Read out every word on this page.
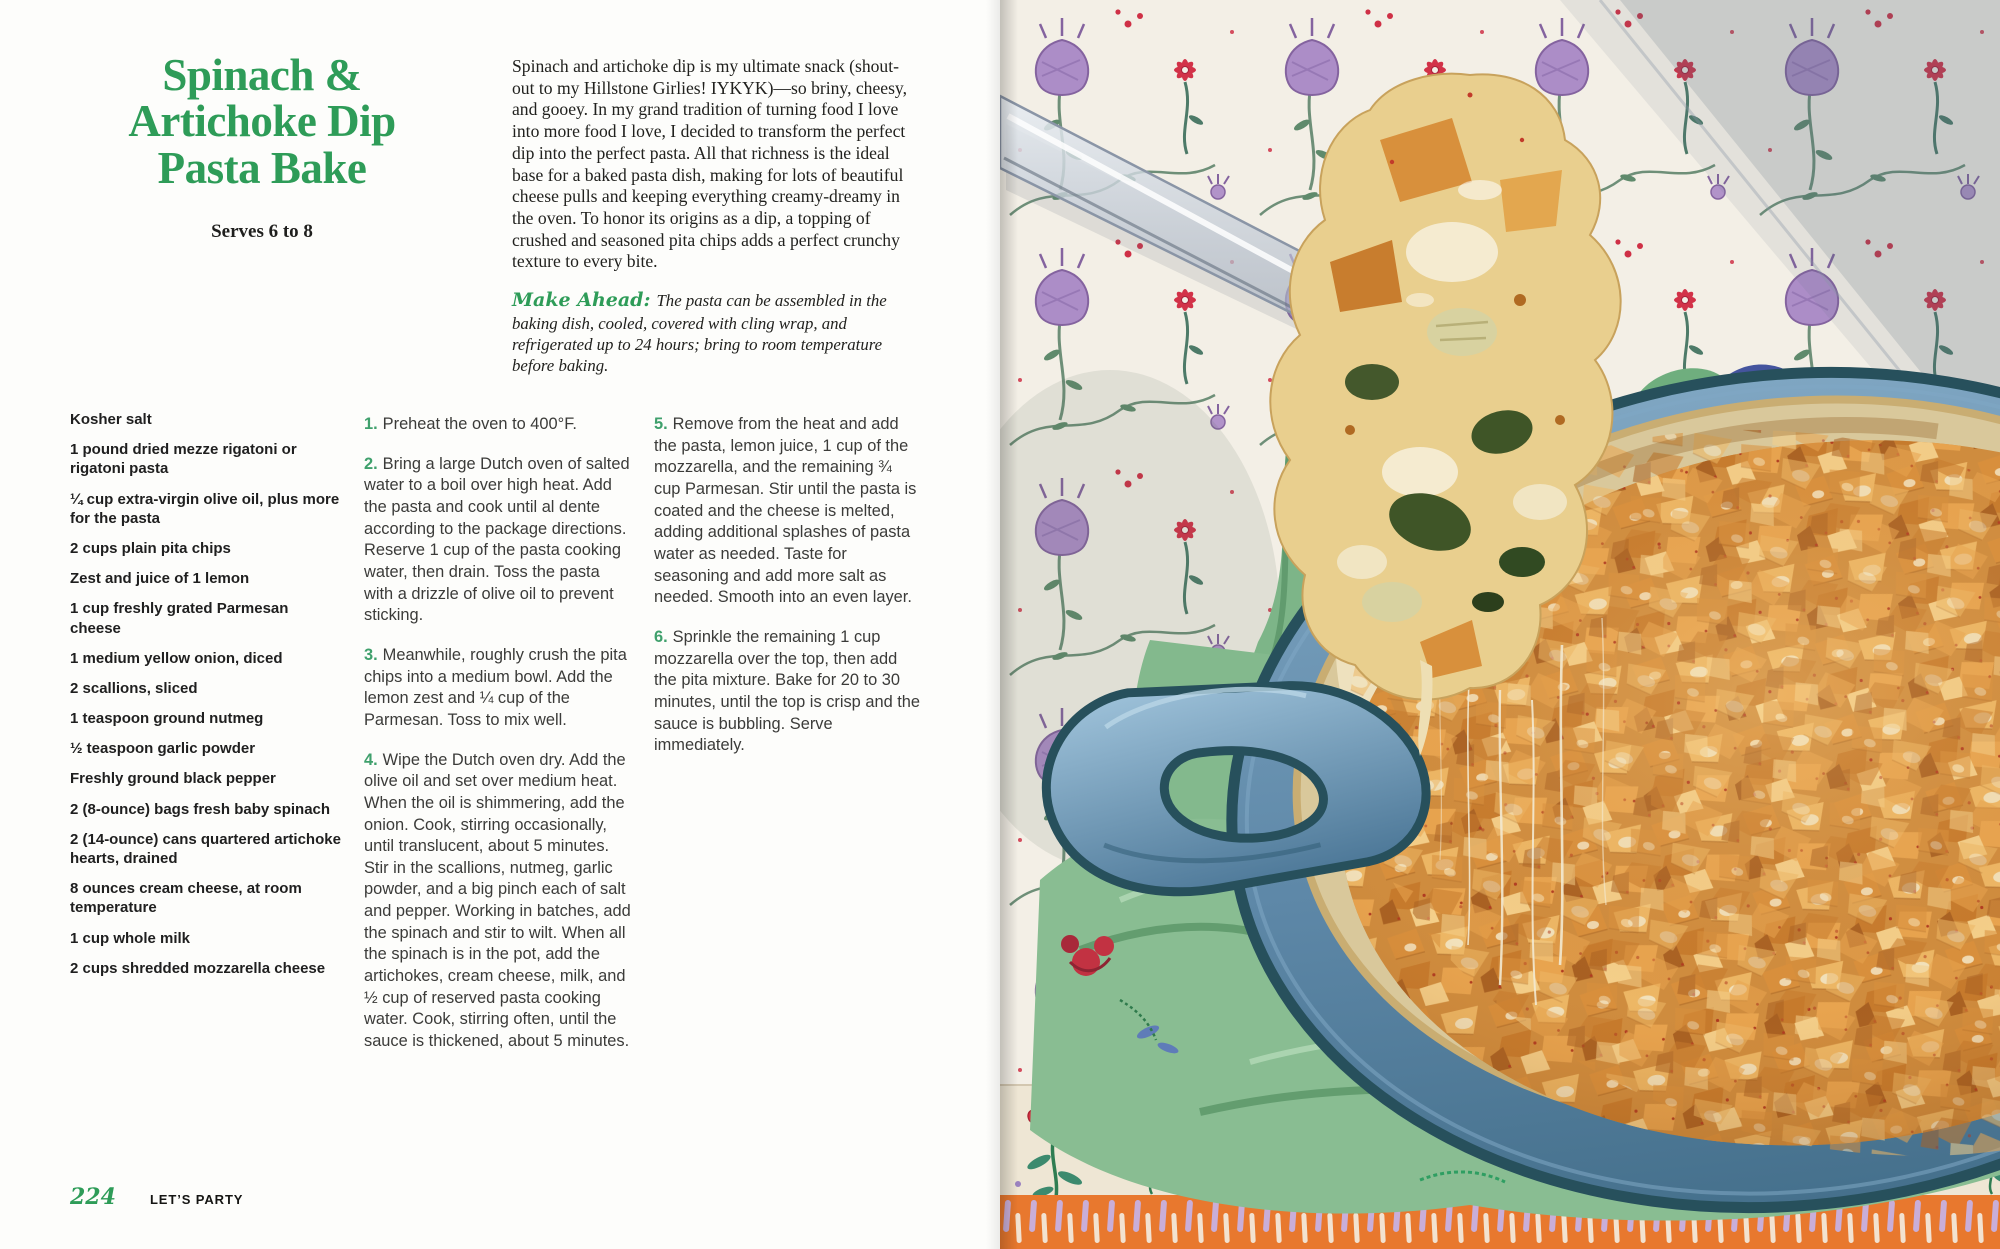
Spinach &
Artichoke Dip
Pasta Bake

Serves 6 to 8

Spinach and artichoke dip is my ultimate snack (shout-out to my Hillstone Girlies! IYKYK)—so briny, cheesy, and gooey. In my grand tradition of turning food I love into more food I love, I decided to transform the perfect dip into the perfect pasta. All that richness is the ideal base for a baked pasta dish, making for lots of beautiful cheese pulls and keeping everything creamy-dreamy in the oven. To honor its origins as a dip, a topping of crushed and seasoned pita chips adds a perfect crunchy texture to every bite.

Make Ahead: The pasta can be assembled in the baking dish, cooled, covered with cling wrap, and refrigerated up to 24 hours; bring to room temperature before baking.

Kosher salt
1 pound dried mezze rigatoni or rigatoni pasta
¼ cup extra-virgin olive oil, plus more for the pasta
2 cups plain pita chips
Zest and juice of 1 lemon
1 cup freshly grated Parmesan cheese
1 medium yellow onion, diced
2 scallions, sliced
1 teaspoon ground nutmeg
½ teaspoon garlic powder
Freshly ground black pepper
2 (8-ounce) bags fresh baby spinach
2 (14-ounce) cans quartered artichoke hearts, drained
8 ounces cream cheese, at room temperature
1 cup whole milk
2 cups shredded mozzarella cheese

1. Preheat the oven to 400°F.

2. Bring a large Dutch oven of salted water to a boil over high heat. Add the pasta and cook until al dente according to the package directions. Reserve 1 cup of the pasta cooking water, then drain. Toss the pasta with a drizzle of olive oil to prevent sticking.

3. Meanwhile, roughly crush the pita chips into a medium bowl. Add the lemon zest and ¼ cup of the Parmesan. Toss to mix well.

4. Wipe the Dutch oven dry. Add the olive oil and set over medium heat. When the oil is shimmering, add the onion. Cook, stirring occasionally, until translucent, about 5 minutes. Stir in the scallions, nutmeg, garlic powder, and a big pinch each of salt and pepper. Working in batches, add the spinach and stir to wilt. When all the spinach is in the pot, add the artichokes, cream cheese, milk, and ½ cup of reserved pasta cooking water. Cook, stirring often, until the sauce is thickened, about 5 minutes.

5. Remove from the heat and add the pasta, lemon juice, 1 cup of the mozzarella, and the remaining ¾ cup Parmesan. Stir until the pasta is coated and the cheese is melted, adding additional splashes of pasta water as needed. Taste for seasoning and add more salt as needed. Smooth into an even layer.

6. Sprinkle the remaining 1 cup mozzarella over the top, then add the pita mixture. Bake for 20 to 30 minutes, until the top is crisp and the sauce is bubbling. Serve immediately.

224	LET’S PARTY
